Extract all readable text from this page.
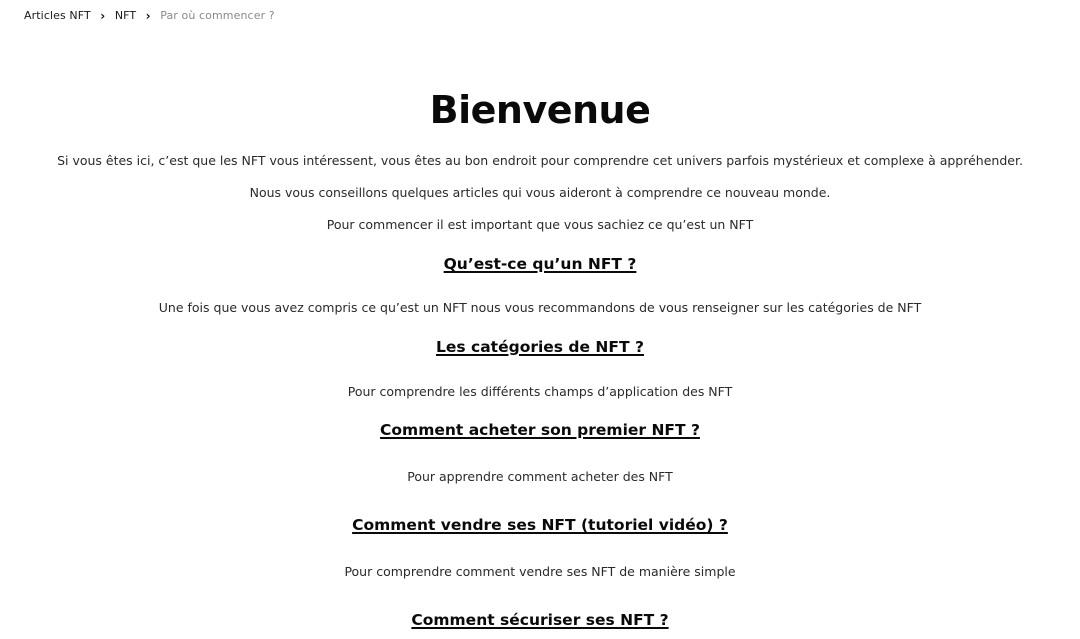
Articles NFT › NFT › Par où commencer ?
Bienvenue

Si vous êtes ici, c’est que les NFT vous intéressent, vous êtes au bon endroit pour comprendre cet univers parfois mystérieux et complexe à appréhender.

Nous vous conseillons quelques articles qui vous aideront à comprendre ce nouveau monde.

Pour commencer il est important que vous sachiez ce qu’est un NFT

Qu’est-ce qu’un NFT ?

Une fois que vous avez compris ce qu’est un NFT nous vous recommandons de vous renseigner sur les catégories de NFT

Les catégories de NFT ?

Pour comprendre les différents champs d’application des NFT

Comment acheter son premier NFT ?

Pour apprendre comment acheter des NFT

Comment vendre ses NFT (tutoriel vidéo) ?

Pour comprendre comment vendre ses NFT de manière simple

Comment sécuriser ses NFT ?
